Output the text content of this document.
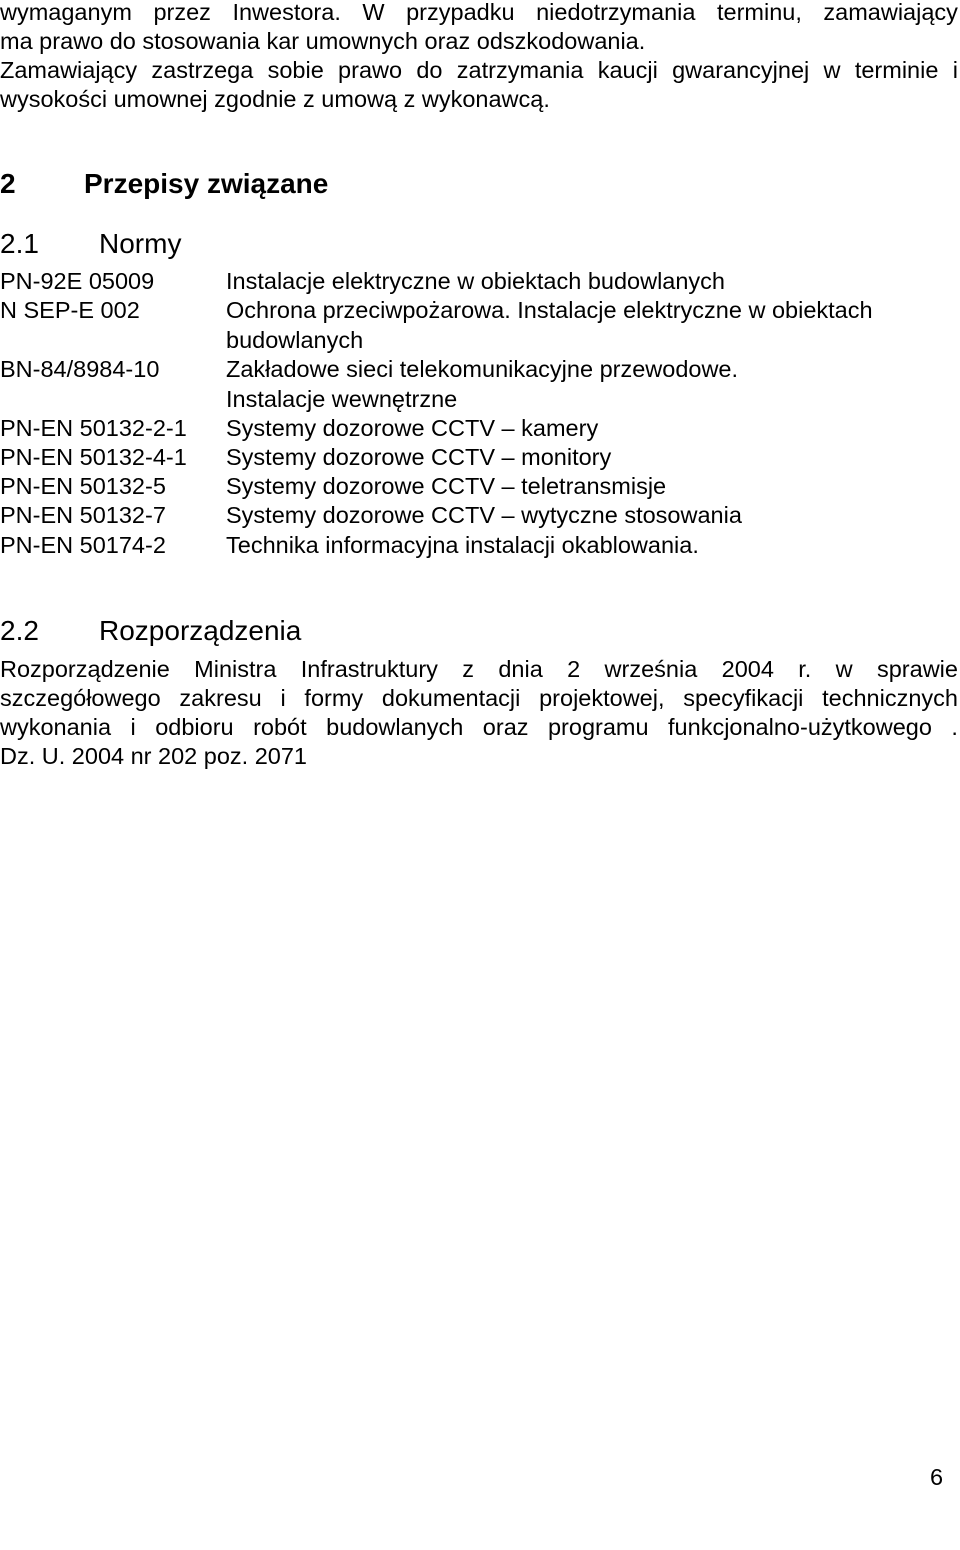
wymaganym przez Inwestora. W przypadku niedotrzymania terminu, zamawiający
ma prawo do stosowania kar umownych oraz odszkodowania.
Zamawiający zastrzega sobie prawo do zatrzymania kaucji gwarancyjnej w terminie i
wysokości umownej zgodnie z umową z wykonawcą.
2 Przepisy związane
2.1 Normy
PN-92E 05009	Instalacje elektryczne w obiektach budowlanych
N SEP-E 002	Ochrona przeciwpożarowa. Instalacje elektryczne w obiektach budowlanych
BN-84/8984-10	Zakładowe sieci telekomunikacyjne przewodowe. Instalacje wewnętrzne
PN-EN 50132-2-1 Systemy dozorowe CCTV – kamery
PN-EN 50132-4-1 Systemy dozorowe CCTV – monitory
PN-EN 50132-5	Systemy dozorowe CCTV – teletransmisje
PN-EN 50132-7	Systemy dozorowe CCTV – wytyczne stosowania
PN-EN 50174-2	Technika informacyjna instalacji okablowania.
2.2 Rozporządzenia
Rozporządzenie Ministra Infrastruktury z dnia 2 września 2004 r. w sprawie
szczegółowego zakresu i formy dokumentacji projektowej, specyfikacji technicznych
wykonania i odbioru robót budowlanych oraz programu funkcjonalno-użytkowego .
Dz. U. 2004 nr 202 poz. 2071
6
